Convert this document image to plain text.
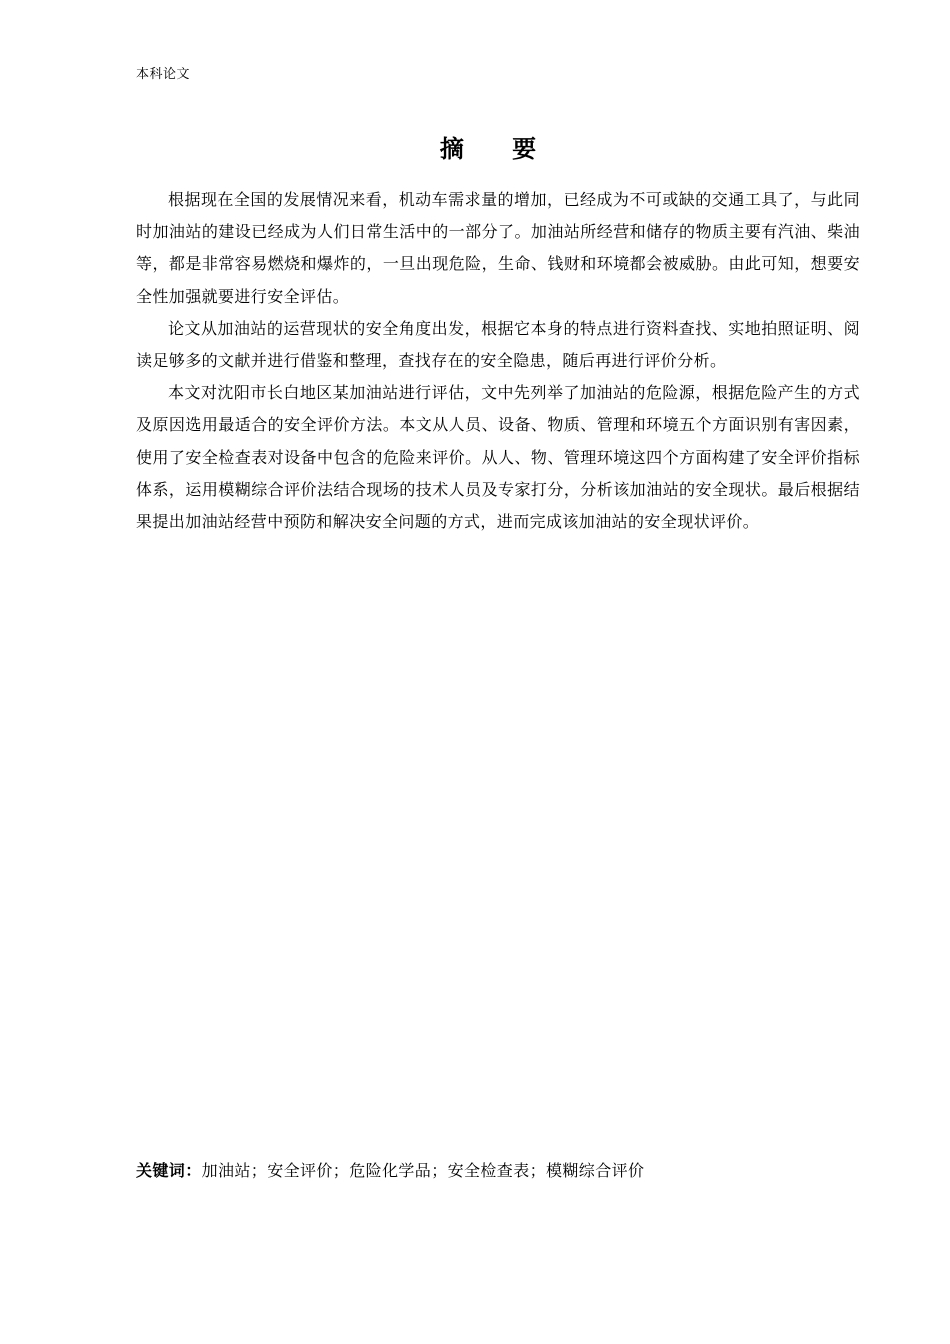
本科论文
摘 要

根据现在全国的发展情况来看，机动车需求量的增加，已经成为不可或缺的交通工具了，与此同时加油站的建设已经成为人们日常生活中的一部分了。加油站所经营和储存的物质主要有汽油、柴油等，都是非常容易燃烧和爆炸的，一旦出现危险，生命、钱财和环境都会被威胁。由此可知，想要安全性加强就要进行安全评估。

论文从加油站的运营现状的安全角度出发，根据它本身的特点进行资料查找、实地拍照证明、阅读足够多的文献并进行借鉴和整理，查找存在的安全隐患，随后再进行评价分析。

本文对沈阳市长白地区某加油站进行评估，文中先列举了加油站的危险源，根据危险产生的方式及原因选用最适合的安全评价方法。本文从人员、设备、物质、管理和环境五个方面识别有害因素，使用了安全检查表对设备中包含的危险来评价。从人、物、管理环境这四个方面构建了安全评价指标体系，运用模糊综合评价法结合现场的技术人员及专家打分，分析该加油站的安全现状。最后根据结果提出加油站经营中预防和解决安全问题的方式，进而完成该加油站的安全现状评价。

关键词：加油站；安全评价；危险化学品；安全检查表；模糊综合评价
